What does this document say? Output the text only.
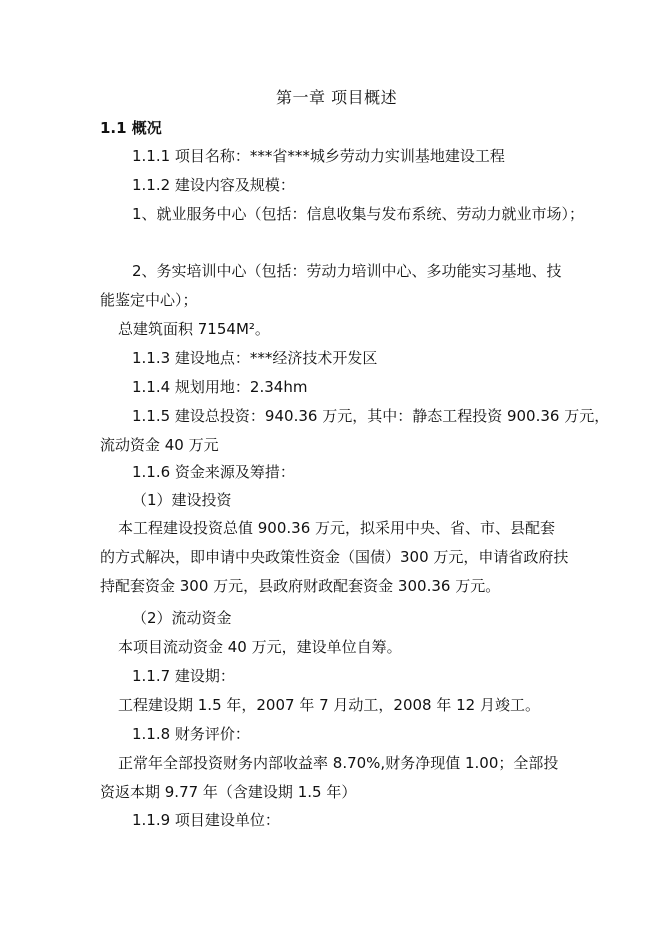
第一章 项目概述
1.1 概况
1.1.1 项目名称：***省***城乡劳动力实训基地建设工程
1.1.2 建设内容及规模：
1、就业服务中心（包括：信息收集与发布系统、劳动力就业市场）；
2、务实培训中心（包括：劳动力培训中心、多功能实习基地、技
能鉴定中心）；
总建筑面积 7154M²。
1.1.3 建设地点：***经济技术开发区
1.1.4 规划用地：2.34hm
1.1.5 建设总投资：940.36 万元，其中：静态工程投资 900.36 万元，
流动资金 40 万元
1.1.6 资金来源及筹措：
（1）建设投资
本工程建设投资总值 900.36 万元，拟采用中央、省、市、县配套
的方式解决，即申请中央政策性资金（国债）300 万元，申请省政府扶
持配套资金 300 万元，县政府财政配套资金 300.36 万元。
（2）流动资金
本项目流动资金 40 万元，建设单位自筹。
1.1.7 建设期：
工程建设期 1.5 年，2007 年 7 月动工，2008 年 12 月竣工。
1.1.8 财务评价：
正常年全部投资财务内部收益率 8.70%,财务净现值 1.00；全部投
资返本期 9.77 年（含建设期 1.5 年）
1.1.9 项目建设单位：
